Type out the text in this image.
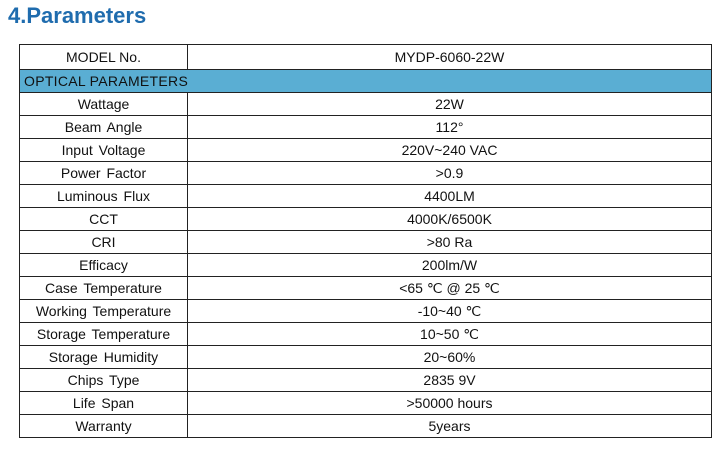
4.Parameters
MODEL No.	MYDP-6060-22W
OPTICAL PARAMETERS	
Wattage	22W
Beam Angle	112°
Input Voltage	220V~240 VAC
Power Factor	>0.9
Luminous Flux	4400LM
CCT	4000K/6500K
CRI	>80 Ra
Efficacy	200lm/W
Case Temperature	<65 ℃ @ 25 ℃
Working Temperature	-10~40 ℃
Storage Temperature	10~50 ℃
Storage Humidity	20~60%
Chips Type	2835 9V
Life Span	>50000 hours
Warranty	5years
